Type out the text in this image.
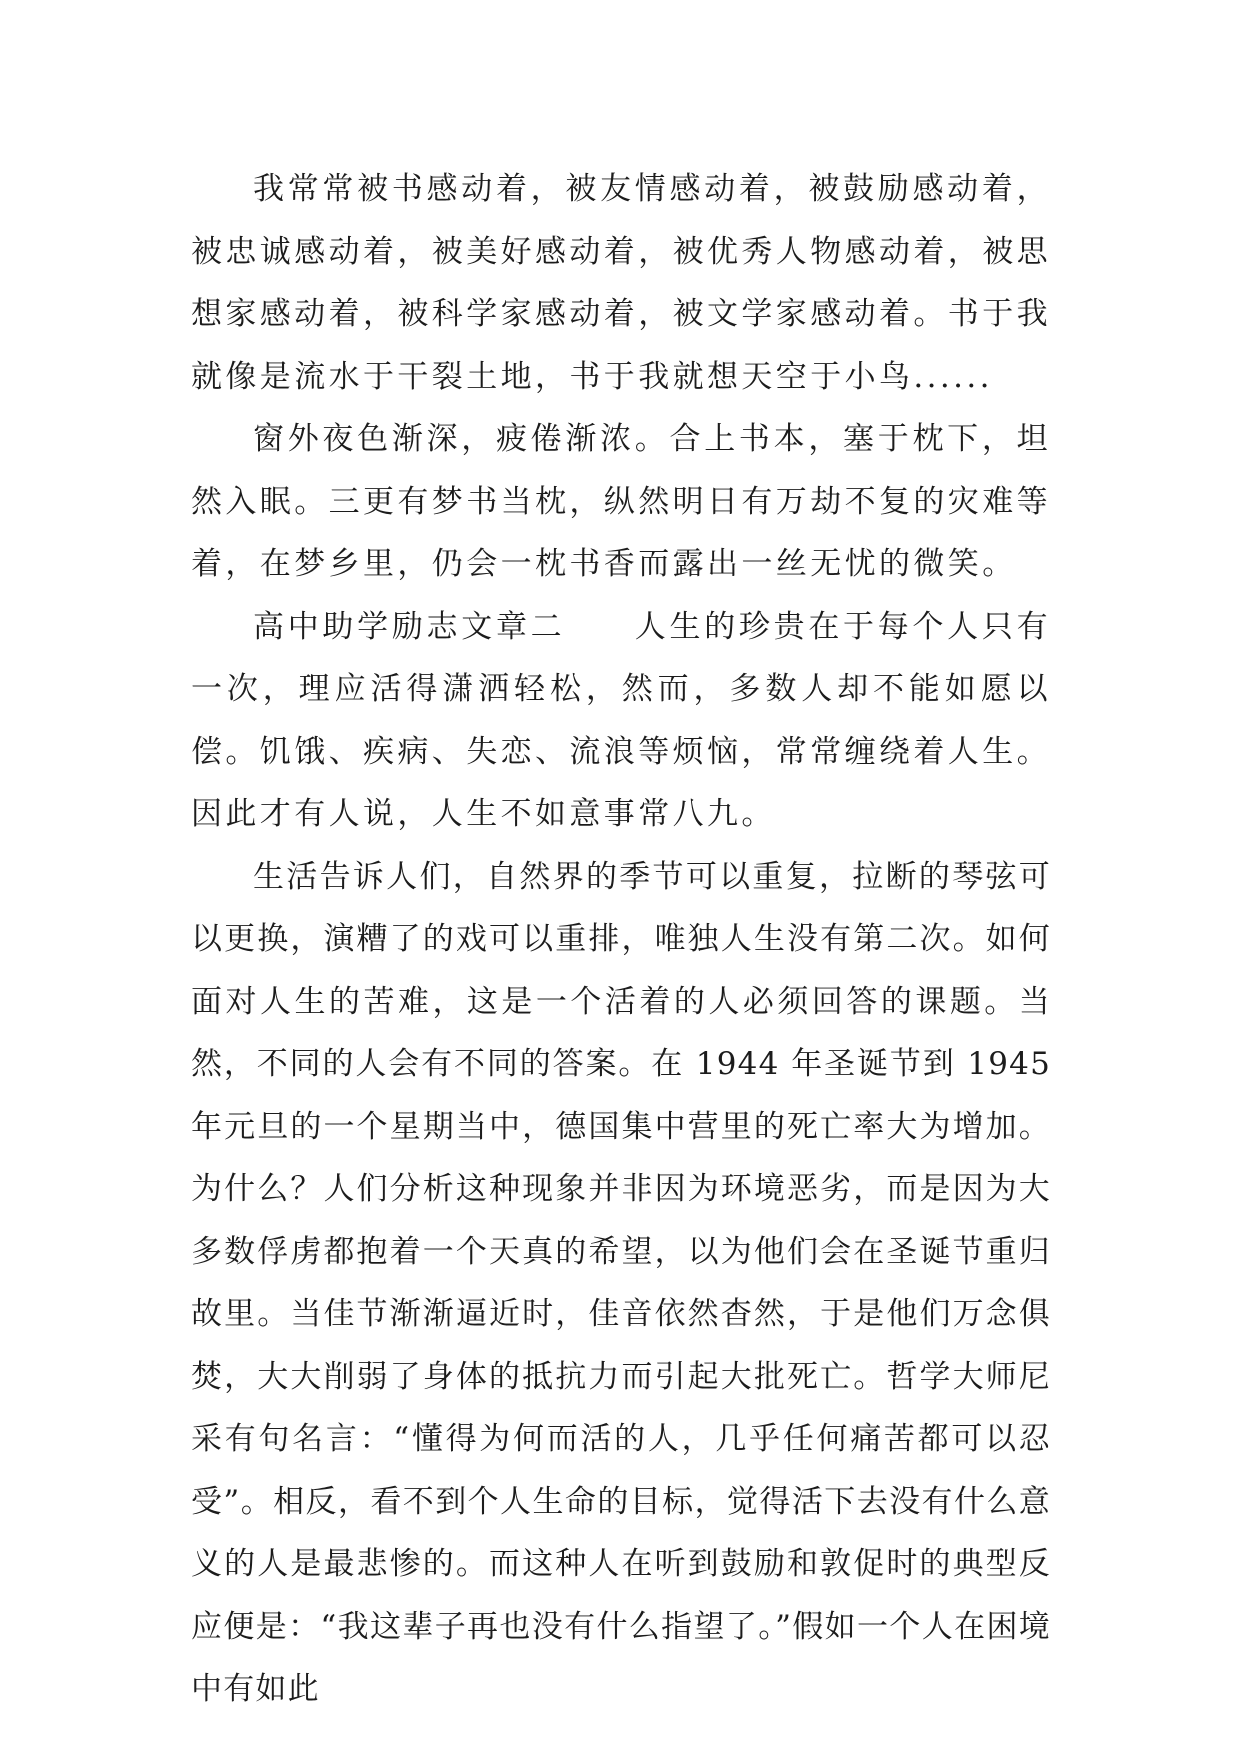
我常常被书感动着，被友情感动着，被鼓励感动着，被忠诚感动着，被美好感动着，被优秀人物感动着，被思想家感动着，被科学家感动着，被文学家感动着。书于我就像是流水于干裂土地，书于我就想天空于小鸟......

窗外夜色渐深，疲倦渐浓。合上书本，塞于枕下，坦然入眠。三更有梦书当枕，纵然明日有万劫不复的灾难等着，在梦乡里，仍会一枕书香而露出一丝无忧的微笑。

高中助学励志文章二　　人生的珍贵在于每个人只有一次，理应活得潇洒轻松，然而，多数人却不能如愿以偿。饥饿、疾病、失恋、流浪等烦恼，常常缠绕着人生。因此才有人说，人生不如意事常八九。

生活告诉人们，自然界的季节可以重复，拉断的琴弦可以更换，演糟了的戏可以重排，唯独人生没有第二次。如何面对人生的苦难，这是一个活着的人必须回答的课题。当然，不同的人会有不同的答案。在 1944 年圣诞节到 1945 年元旦的一个星期当中，德国集中营里的死亡率大为增加。为什么？人们分析这种现象并非因为环境恶劣，而是因为大多数俘虏都抱着一个天真的希望，以为他们会在圣诞节重归故里。当佳节渐渐逼近时，佳音依然杳然，于是他们万念俱焚，大大削弱了身体的抵抗力而引起大批死亡。哲学大师尼采有句名言：“懂得为何而活的人，几乎任何痛苦都可以忍受”。相反，看不到个人生命的目标，觉得活下去没有什么意义的人是最悲惨的。而这种人在听到鼓励和敦促时的典型反应便是：“我这辈子再也没有什么指望了。”假如一个人在困境中有如此
